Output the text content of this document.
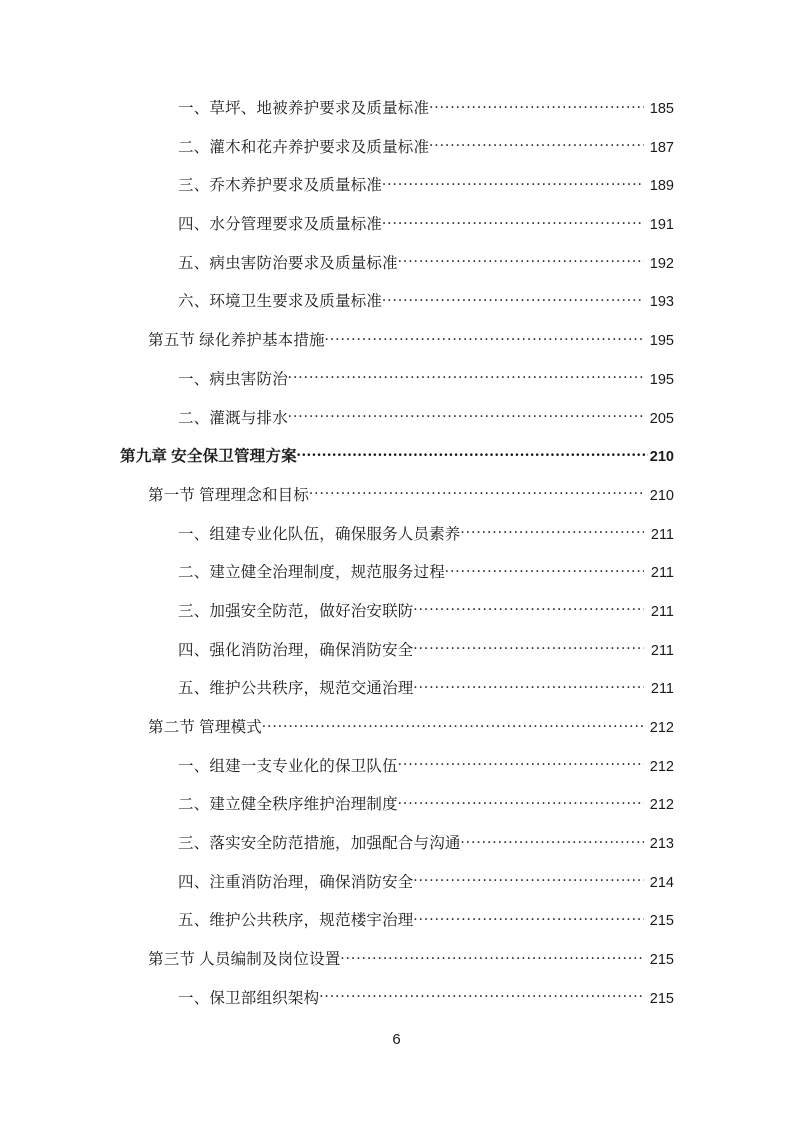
一、草坪、地被养护要求及质量标准 .....	185
二、灌木和花卉养护要求及质量标准 .....	187
三、乔木养护要求及质量标准 .....	189
四、水分管理要求及质量标准 .....	191
五、病虫害防治要求及质量标准 .....	192
六、环境卫生要求及质量标准 .....	193
第五节 绿化养护基本措施 .....	195
一、病虫害防治 .....	195
二、灌溉与排水 .....	205
第九章 安全保卫管理方案 .....	210
第一节 管理理念和目标 .....	210
一、组建专业化队伍，确保服务人员素养 .....	211
二、建立健全治理制度，规范服务过程 .....	211
三、加强安全防范，做好治安联防 .....	211
四、强化消防治理，确保消防安全 .....	211
五、维护公共秩序，规范交通治理 .....	211
第二节 管理模式 .....	212
一、组建一支专业化的保卫队伍 .....	212
二、建立健全秩序维护治理制度 .....	212
三、落实安全防范措施，加强配合与沟通 .....	213
四、注重消防治理，确保消防安全 .....	214
五、维护公共秩序，规范楼宇治理 .....	215
第三节 人员编制及岗位设置 .....	215
一、保卫部组织架构 .....	215
6
